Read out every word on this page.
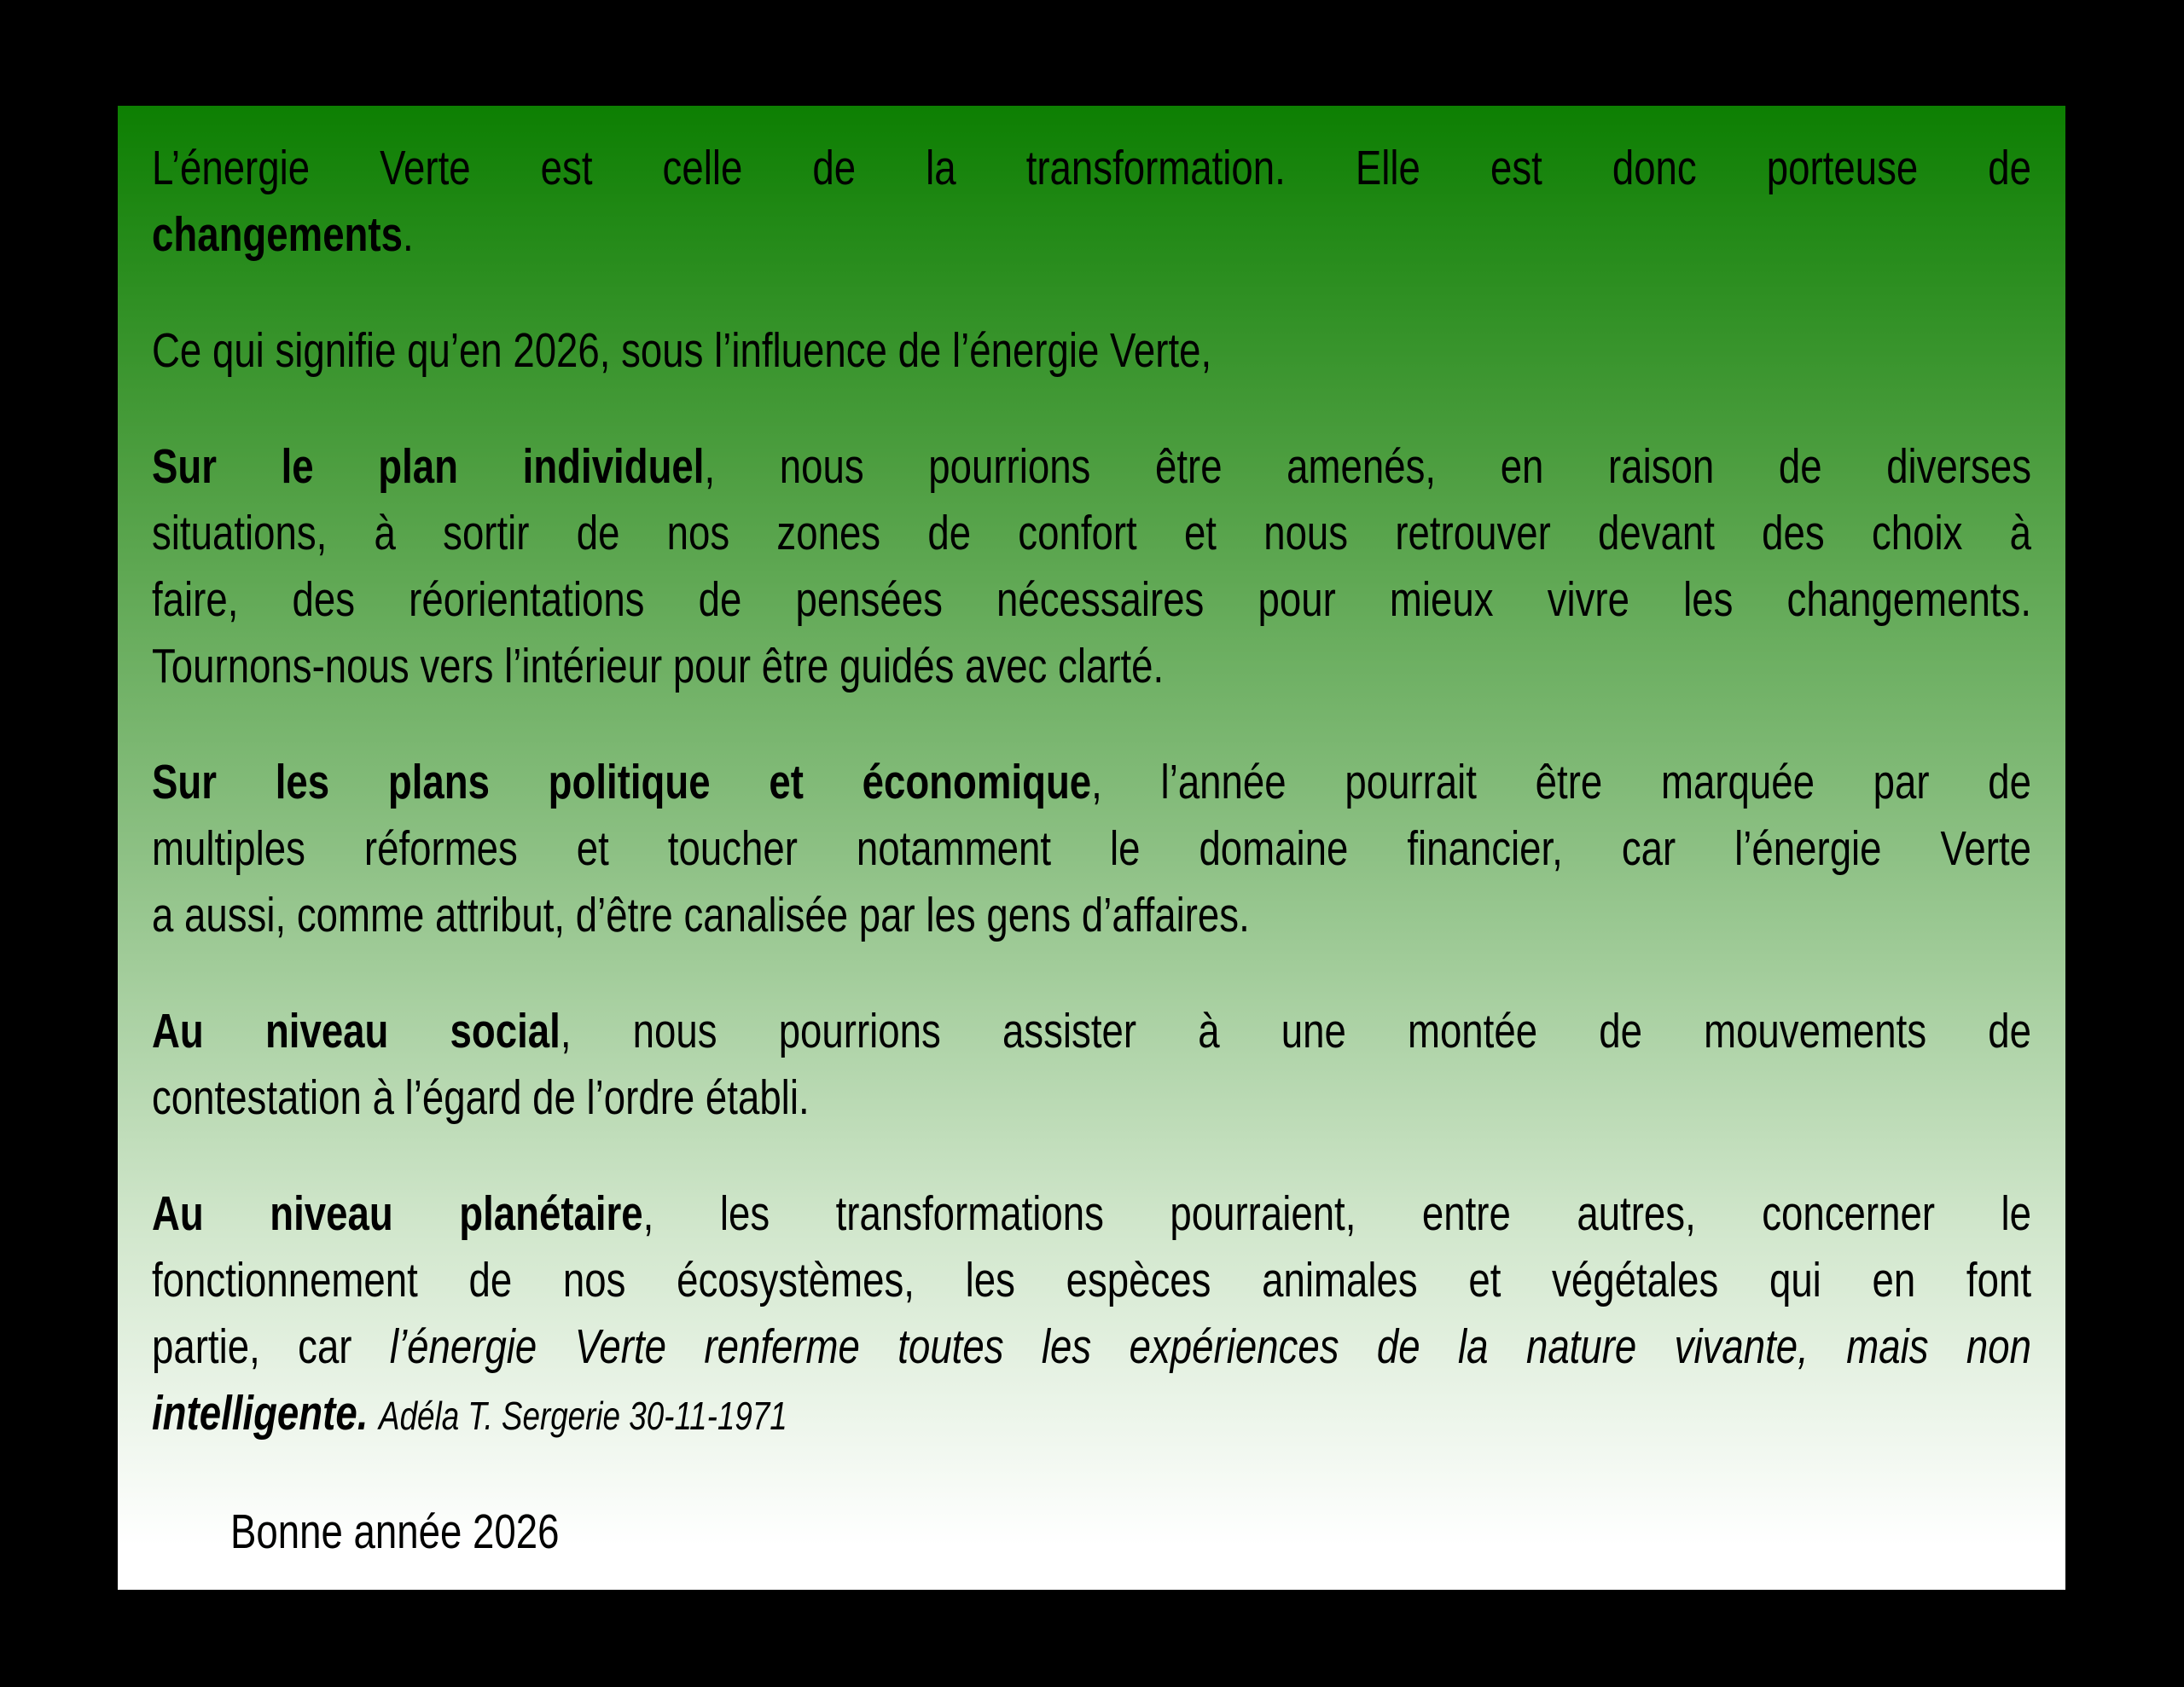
L’énergie Verte est celle de la transformation. Elle est donc porteuse de
changements.
Ce qui signifie qu’en 2026, sous l’influence de l’énergie Verte,
Sur le plan individuel, nous pourrions être amenés, en raison de diverses
situations, à sortir de nos zones de confort et nous retrouver devant des choix à
faire, des réorientations de pensées nécessaires pour mieux vivre les changements.
Tournons-nous vers l’intérieur pour être guidés avec clarté.
Sur les plans politique et économique, l’année pourrait être marquée par de
multiples réformes et toucher notamment le domaine financier, car l’énergie Verte
a aussi, comme attribut, d’être canalisée par les gens d’affaires.
Au niveau social, nous pourrions assister à une montée de mouvements de
contestation à l’égard de l’ordre établi.
Au niveau planétaire, les transformations pourraient, entre autres, concerner le
fonctionnement de nos écosystèmes, les espèces animales et végétales qui en font
partie, car l’énergie Verte renferme toutes les expériences de la nature vivante, mais non
intelligente. Adéla T. Sergerie 30-11-1971
Bonne année 2026
